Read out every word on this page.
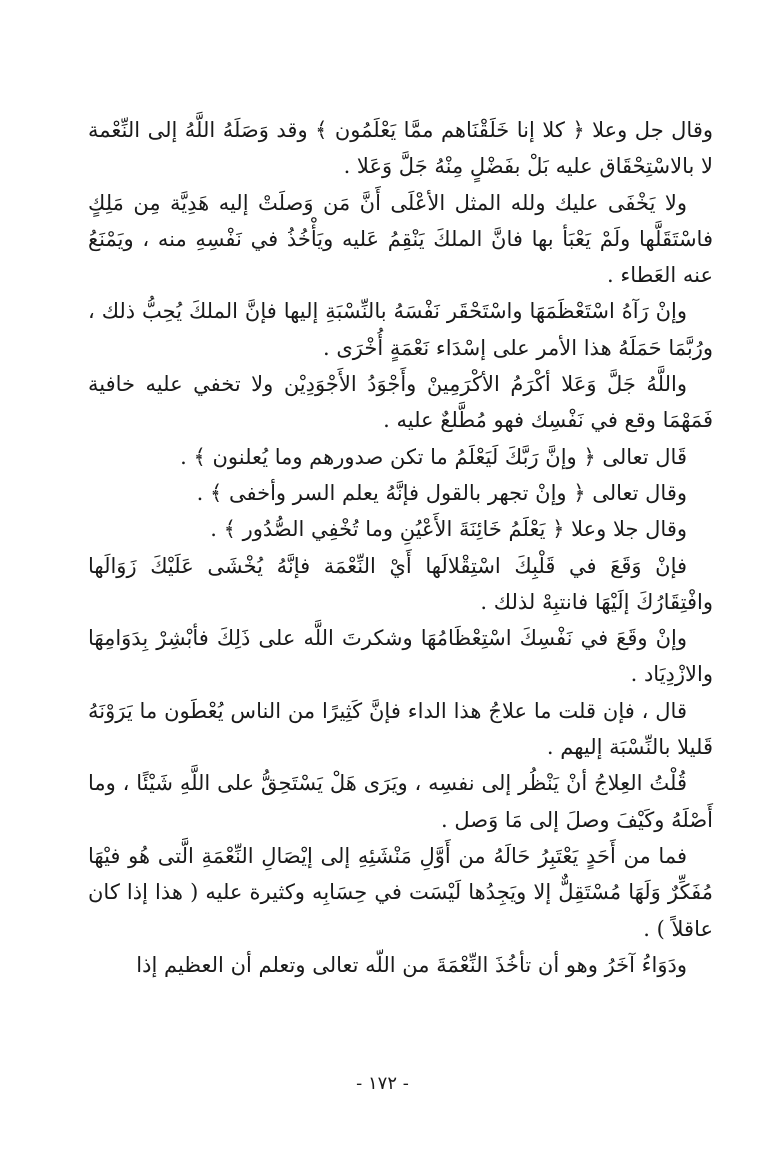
وقال جل وعلا ﴿ كلا إنا خَلَقْنَاهم ممَّا يَعْلَمُون ﴾ وقد وَصَلَهُ اللَّهُ إلى النِّعْمة لا بالاسْتِحْقَاق عليه بَلْ بفَضْلٍ مِنْهُ جَلَّ وَعَلا .

ولا يَخْفَى عليك ولله المثل الأعْلَى أَنَّ مَن وَصلَتْ إليه هَدِيَّة مِن مَلِكٍ فاسْتَقَلَّها ولَمْ يَعْبَأ بها فانَّ الملكَ يَنْقِمُ عَليه ويَأْخُذُ في نَفْسِهِ منه ، ويَمْنَعُ عنه العَطاء .

وإنْ رَآهُ اسْتَعْظَمَهَا واسْتَحْقَر نَفْسَهُ بالنِّسْبَةِ إليها فإنَّ الملكَ يُحِبُّ ذلك ، ورُبَّمَا حَمَلَهُ هذا الأمر على إسْدَاء نَعْمَةٍ أُخْرَى .

واللَّهُ جَلَّ وَعَلا أكْرَمُ الأكْرَمِينْ وأَجْوَدُ الأَجْوَدِيْن ولا تخفي عليه خافية فَمَهْمَا وقع في نَفْسِك فهو مُطَّلعٌ عليه .

قَال تعالى ﴿ وإنَّ رَبَّكَ لَيَعْلَمُ ما تكن صدورهم وما يُعلنون ﴾ .

وقال تعالى ﴿ وإنْ تجهر بالقول فإنَّهُ يعلم السر وأخفى ﴾ .

وقال جلا وعلا ﴿ يَعْلَمُ خَائِنَةَ الأَعْيُنِ وما تُخْفِي الصُّدُور ﴾ .

فإنْ وَقَعَ في قَلْبِكَ اسْتِقْلالَها أَيْ النِّعْمَة فإنَّهُ يُخْشَى عَلَيْكَ زَوَالَها وافْتِقَارُكَ إلَيْهَا فانتبِهْ لذلك .

وإنْ وقَعَ في نَفْسِكَ اسْتِعْظَامُهَا وشكرتَ اللَّه على ذَلِكَ فأبْشِرْ بِدَوَامِهَا والازْدِيَاد .

قال ، فإن قلت ما علاجُ هذا الداء فإنَّ كَثِيرًا من الناس يُعْطَون ما يَرَوْنَهُ قَليلا بالنِّسْبَة إليهم .

قُلْتُ العِلاجُ أنْ يَنْظُر إلى نفسِه ، ويَرَى هَلْ يَسْتَحِقُّ على اللَّهِ شَيْئًا ، وما أَصْلَهُ وكَيْفَ وصلَ إلى مَا وَصل .

فما من أَحَدٍ يَعْتَبِرُ حَالَهُ من أَوَّلِ مَنْشَئِهِ إلى إيْصَالِ النِّعْمَةِ الَّتى هُو فيْهَا مُفَكِّرٌ وَلَهَا مُسْتَقِلٌّ إلا ويَجِدُها لَيْسَت في حِسَابِه وكثيرة عليه ( هذا إذا كان عاقلاً ) .

ودَوَاءُ آخَرُ وهو أن تأخُذَ النِّعْمَةَ من اللّه تعالى وتعلم أن العظيم إذا

- ١٧٢ -
